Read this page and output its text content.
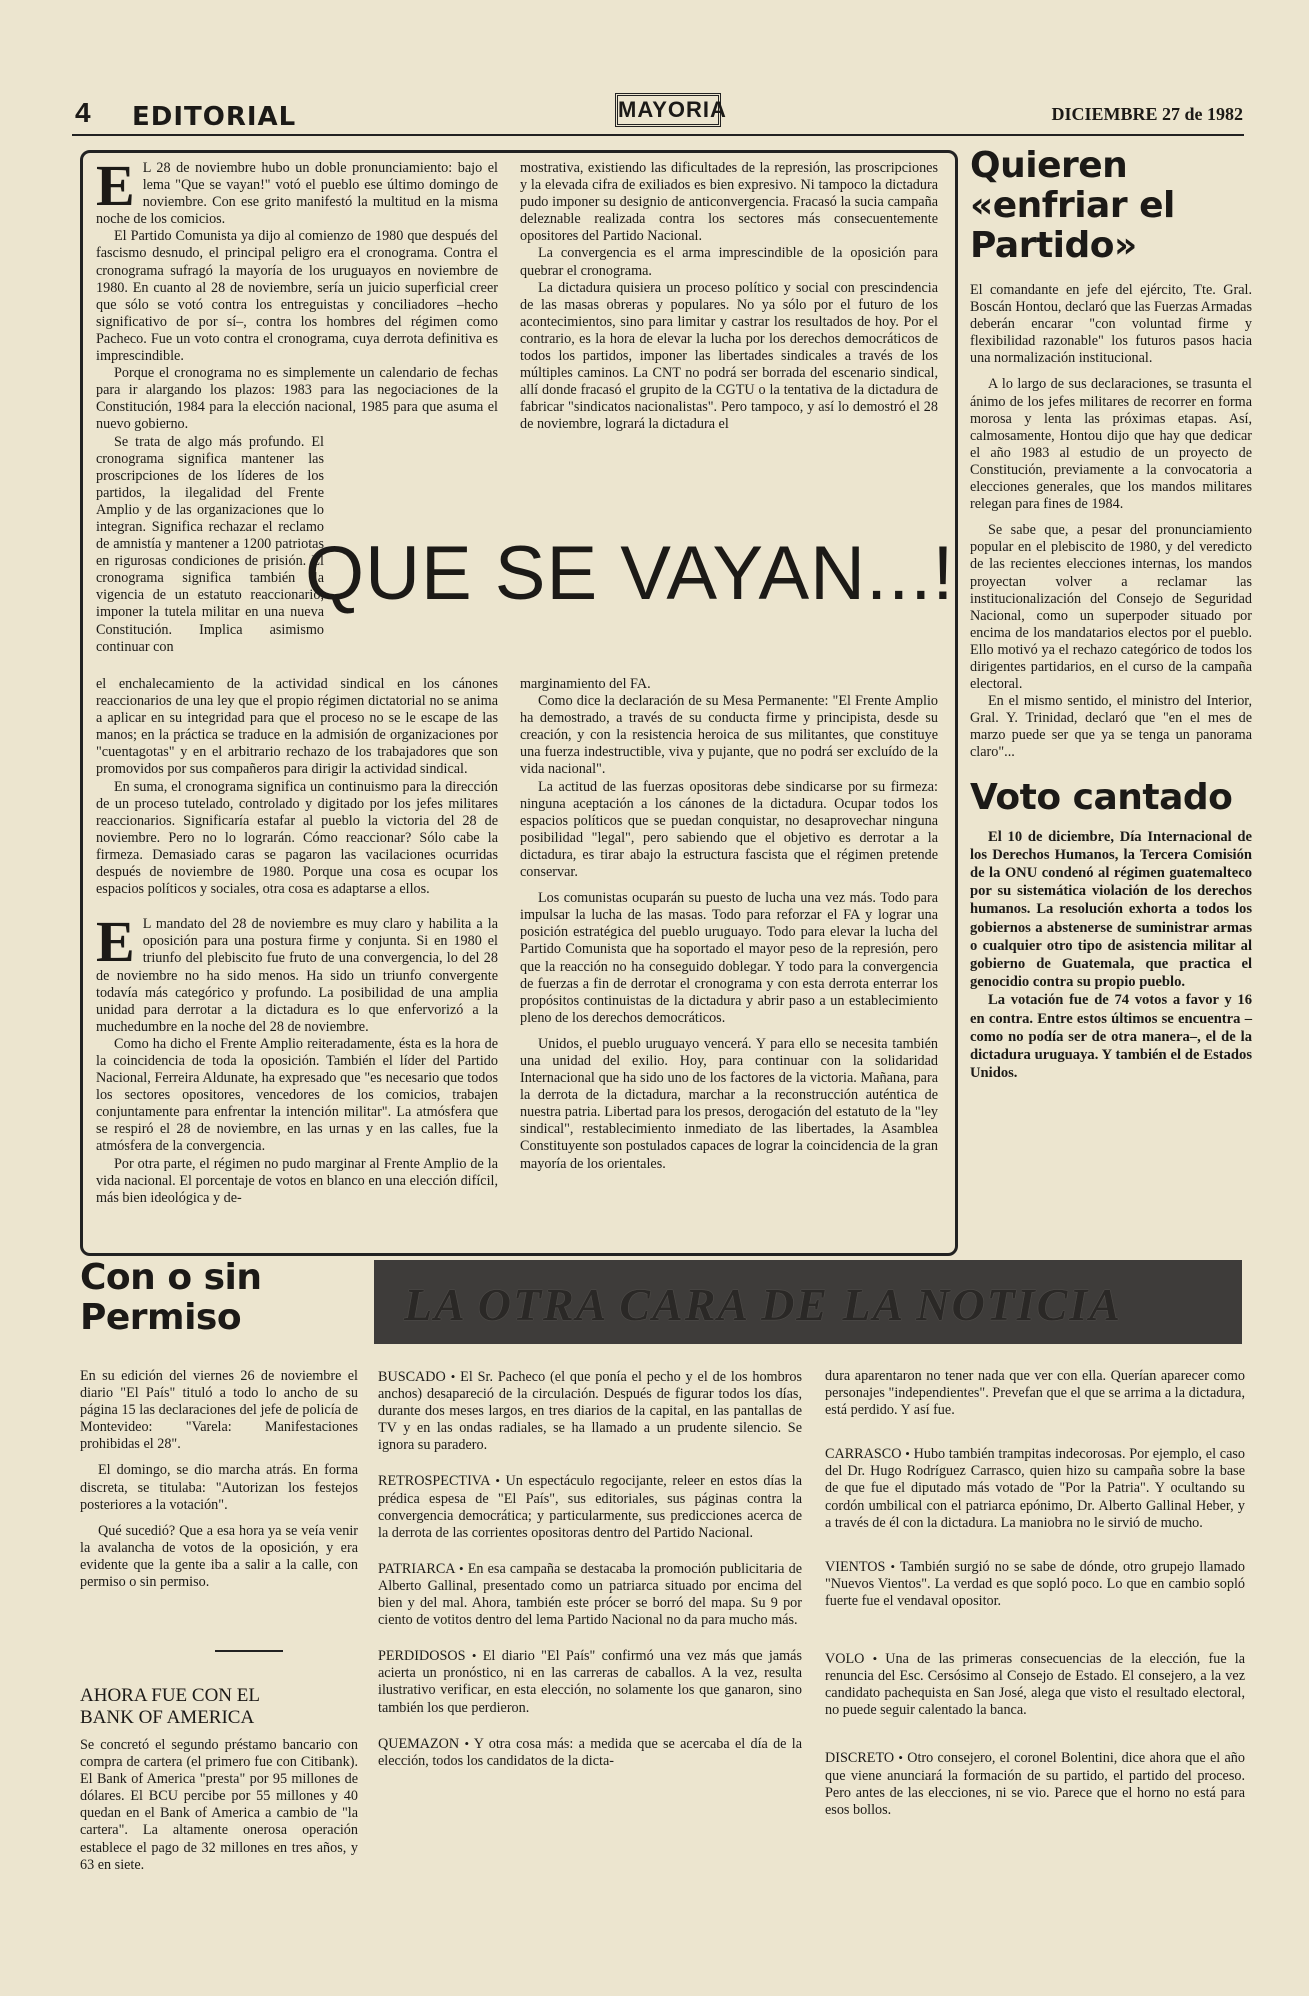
4 EDITORIAL	MAYORIA	DICIEMBRE 27 de 1982
E L 28 de noviembre hubo un doble pronunciamiento: bajo el lema "Que se vayan!" votó el pueblo ese último domingo de noviembre. Con ese grito manifestó la multitud en la misma noche de los comicios.

El Partido Comunista ya dijo al comienzo de 1980 que después del fascismo desnudo, el principal peligro era el cronograma. Contra el cronograma sufragó la mayoría de los uruguayos en noviembre de 1980. En cuanto al 28 de noviembre, sería un juicio superficial creer que sólo se votó contra los entreguistas y conciliadores –hecho significativo de por sí–, contra los hombres del régimen como Pacheco. Fue un voto contra el cronograma, cuya derrota definitiva es imprescindible.

Porque el cronograma no es simplemente un calendario de fechas para ir alargando los plazos: 1983 para las negociaciones de la Constitución, 1984 para la elección nacional, 1985 para que asuma el nuevo gobierno.

Se trata de algo más profundo. El cronograma significa mantener las proscripciones de los líderes de los partidos, la ilegalidad del Frente Amplio y de las organizaciones que lo integran. Significa rechazar el reclamo de amnistía y mantener a 1200 patriotas en rigurosas condiciones de prisión. El cronograma significa también la vigencia de un estatuto reaccionario, imponer la tutela militar en una nueva Constitución. Implica asimismo continuar con

mostrativa, existiendo las dificultades de la represión, las proscripciones y la elevada cifra de exiliados es bien expresivo. Ni tampoco la dictadura pudo imponer su designio de anticonvergencia. Fracasó la sucia campaña deleznable realizada contra los sectores más consecuentemente opositores del Partido Nacional.

La convergencia es el arma imprescindible de la oposición para quebrar el cronograma.

La dictadura quisiera un proceso político y social con prescindencia de las masas obreras y populares. No ya sólo por el futuro de los acontecimientos, sino para limitar y castrar los resultados de hoy. Por el contrario, es la hora de elevar la lucha por los derechos democráticos de todos los partidos, imponer las libertades sindicales a través de los múltiples caminos. La CNT no podrá ser borrada del escenario sindical, allí donde fracasó el grupito de la CGTU o la tentativa de la dictadura de fabricar "sindicatos nacionalistas". Pero tampoco, y así lo demostró el 28 de noviembre, logrará la dictadura el

QUE SE VAYAN...!

el enchalecamiento de la actividad sindical en los cánones reaccionarios de una ley que el propio régimen dictatorial no se anima a aplicar en su integridad para que el proceso no se le escape de las manos; en la práctica se traduce en la admisión de organizaciones por "cuentagotas" y en el arbitrario rechazo de los trabajadores que son promovidos por sus compañeros para dirigir la actividad sindical.

En suma, el cronograma significa un continuismo para la dirección de un proceso tutelado, controlado y digitado por los jefes militares reaccionarios. Significaría estafar al pueblo la victoria del 28 de noviembre. Pero no lo lograrán. Cómo reaccionar? Sólo cabe la firmeza. Demasiado caras se pagaron las vacilaciones ocurridas después de noviembre de 1980. Porque una cosa es ocupar los espacios políticos y sociales, otra cosa es adaptarse a ellos.

E L mandato del 28 de noviembre es muy claro y habilita a la oposición para una postura firme y conjunta. Si en 1980 el triunfo del plebiscito fue fruto de una convergencia, lo del 28 de noviembre no ha sido menos. Ha sido un triunfo convergente todavía más categórico y profundo. La posibilidad de una amplia unidad para derrotar a la dictadura es lo que enfervorizó a la muchedumbre en la noche del 28 de noviembre.

Como ha dicho el Frente Amplio reiteradamente, ésta es la hora de la coincidencia de toda la oposición. También el líder del Partido Nacional, Ferreira Aldunate, ha expresado que "es necesario que todos los sectores opositores, vencedores de los comicios, trabajen conjuntamente para enfrentar la intención militar". La atmósfera que se respiró el 28 de noviembre, en las urnas y en las calles, fue la atmósfera de la convergencia.

Por otra parte, el régimen no pudo marginar al Frente Amplio de la vida nacional. El porcentaje de votos en blanco en una elección difícil, más bien ideológica y de-

marginamiento del FA.

Como dice la declaración de su Mesa Permanente: "El Frente Amplio ha demostrado, a través de su conducta firme y principista, desde su creación, y con la resistencia heroica de sus militantes, que constituye una fuerza indestructible, viva y pujante, que no podrá ser excluído de la vida nacional".

La actitud de las fuerzas opositoras debe sindicarse por su firmeza: ninguna aceptación a los cánones de la dictadura. Ocupar todos los espacios políticos que se puedan conquistar, no desaprovechar ninguna posibilidad "legal", pero sabiendo que el objetivo es derrotar a la dictadura, es tirar abajo la estructura fascista que el régimen pretende conservar.

Los comunistas ocuparán su puesto de lucha una vez más. Todo para impulsar la lucha de las masas. Todo para reforzar el FA y lograr una posición estratégica del pueblo uruguayo. Todo para elevar la lucha del Partido Comunista que ha soportado el mayor peso de la represión, pero que la reacción no ha conseguido doblegar. Y todo para la convergencia de fuerzas a fin de derrotar el cronograma y con esta derrota enterrar los propósitos continuistas de la dictadura y abrir paso a un establecimiento pleno de los derechos democráticos.

Unidos, el pueblo uruguayo vencerá. Y para ello se necesita también una unidad del exilio. Hoy, para continuar con la solidaridad Internacional que ha sido uno de los factores de la victoria. Mañana, para la derrota de la dictadura, marchar a la reconstrucción auténtica de nuestra patria. Libertad para los presos, derogación del estatuto de la "ley sindical", restablecimiento inmediato de las libertades, la Asamblea Constituyente son postulados capaces de lograr la coincidencia de la gran mayoría de los orientales.

Quieren «enfriar el Partido»

El comandante en jefe del ejército, Tte. Gral. Boscán Hontou, declaró que las Fuerzas Armadas deberán encarar "con voluntad firme y flexibilidad razonable" los futuros pasos hacia una normalización institucional.

A lo largo de sus declaraciones, se trasunta el ánimo de los jefes militares de recorrer en forma morosa y lenta las próximas etapas. Así, calmosamente, Hontou dijo que hay que dedicar el año 1983 al estudio de un proyecto de Constitución, previamente a la convocatoria a elecciones generales, que los mandos militares relegan para fines de 1984.

Se sabe que, a pesar del pronunciamiento popular en el plebiscito de 1980, y del veredicto de las recientes elecciones internas, los mandos proyectan volver a reclamar las institucionalización del Consejo de Seguridad Nacional, como un superpoder situado por encima de los mandatarios electos por el pueblo. Ello motivó ya el rechazo categórico de todos los dirigentes partidarios, en el curso de la campaña electoral.

En el mismo sentido, el ministro del Interior, Gral. Y. Trinidad, declaró que "en el mes de marzo puede ser que ya se tenga un panorama claro"...

Voto cantado

El 10 de diciembre, Día Internacional de los Derechos Humanos, la Tercera Comisión de la ONU condenó al régimen guatemalteco por su sistemática violación de los derechos humanos. La resolución exhorta a todos los gobiernos a abstenerse de suministrar armas o cualquier otro tipo de asistencia militar al gobierno de Guatemala, que practica el genocidio contra su propio pueblo.

La votación fue de 74 votos a favor y 16 en contra. Entre estos últimos se encuentra –como no podía ser de otra manera–, el de la dictadura uruguaya. Y también el de Estados Unidos.

Con o sin Permiso

En su edición del viernes 26 de noviembre el diario "El País" tituló a todo lo ancho de su página 15 las declaraciones del jefe de policía de Montevideo: "Varela: Manifestaciones prohibidas el 28".

El domingo, se dio marcha atrás. En forma discreta, se titulaba: "Autorizan los festejos posteriores a la votación".

Qué sucedió? Que a esa hora ya se veía venir la avalancha de votos de la oposición, y era evidente que la gente iba a salir a la calle, con permiso o sin permiso.

AHORA FUE CON EL BANK OF AMERICA

Se concretó el segundo préstamo bancario con compra de cartera (el primero fue con Citibank). El Bank of America "presta" por 95 millones de dólares. El BCU percibe por 55 millones y 40 quedan en el Bank of America a cambio de "la cartera". La altamente onerosa operación establece el pago de 32 millones en tres años, y 63 en siete.

LA OTRA CARA DE LA NOTICIA
BUSCADO • El Sr. Pacheco (el que ponía el pecho y el de los hombros anchos) desapareció de la circulación. Después de figurar todos los días, durante dos meses largos, en tres diarios de la capital, en las pantallas de TV y en las ondas radiales, se ha llamado a un prudente silencio. Se ignora su paradero.
RETROSPECTIVA • Un espectáculo regocijante, releer en estos días la prédica espesa de "El País", sus editoriales, sus páginas contra la convergencia democrática; y particularmente, sus predicciones acerca de la derrota de las corrientes opositoras dentro del Partido Nacional.
PATRIARCA • En esa campaña se destacaba la promoción publicitaria de Alberto Gallinal, presentado como un patriarca situado por encima del bien y del mal. Ahora, también este prócer se borró del mapa. Su 9 por ciento de votitos dentro del lema Partido Nacional no da para mucho más.
PERDIDOSOS • El diario "El País" confirmó una vez más que jamás acierta un pronóstico, ni en las carreras de caballos. A la vez, resulta ilustrativo verificar, en esta elección, no solamente los que ganaron, sino también los que perdieron.
QUEMAZON • Y otra cosa más: a medida que se acercaba el día de la elección, todos los candidatos de la dicta-
dura aparentaron no tener nada que ver con ella. Querían aparecer como personajes "independientes". Prevefan que el que se arrima a la dictadura, está perdido. Y así fue.
CARRASCO • Hubo también trampitas indecorosas. Por ejemplo, el caso del Dr. Hugo Rodríguez Carrasco, quien hizo su campaña sobre la base de que fue el diputado más votado de "Por la Patria". Y ocultando su cordón umbilical con el patriarca epónimo, Dr. Alberto Gallinal Heber, y a través de él con la dictadura. La maniobra no le sirvió de mucho.
VIENTOS • También surgió no se sabe de dónde, otro grupejo llamado "Nuevos Vientos". La verdad es que sopló poco. Lo que en cambio sopló fuerte fue el vendaval opositor.
VOLO • Una de las primeras consecuencias de la elección, fue la renuncia del Esc. Cersósimo al Consejo de Estado. El consejero, a la vez candidato pachequista en San José, alega que visto el resultado electoral, no puede seguir calentado la banca.
DISCRETO • Otro consejero, el coronel Bolentini, dice ahora que el año que viene anunciará la formación de su partido, el partido del proceso. Pero antes de las elecciones, ni se vio. Parece que el horno no está para esos bollos.
